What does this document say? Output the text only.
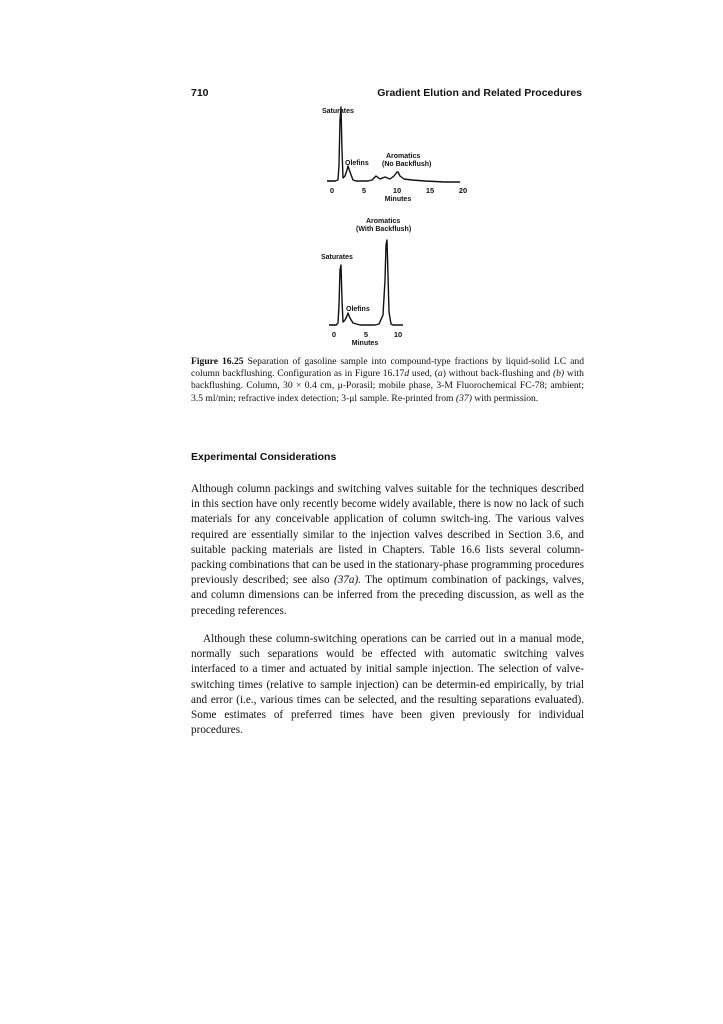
710	Gradient Elution and Related Procedures
Saturates
Olefins
Aromatics
(No Backflush)
0	5	10	15	20
Minutes
Aromatics
(With Backflush)
Saturates
Olefins
0	5	10
Minutes
Figure 16.25 Separation of gasoline sample into compound-type fractions by liquid-solid LC and column backflushing. Configuration as in Figure 16.17d used, (a) without back-flushing and (b) with backflushing. Column, 30 × 0.4 cm, μ-Porasil; mobile phase, 3-M Fluorochemical FC-78; ambient; 3.5 ml/min; refractive index detection; 3-μl sample. Re-printed from (37) with permission.
Experimental Considerations

Although column packings and switching valves suitable for the techniques described in this section have only recently become widely available, there is now no lack of such materials for any conceivable application of column switch-ing. The various valves required are essentially similar to the injection valves described in Section 3.6, and suitable packing materials are listed in Chapters. Table 16.6 lists several column-packing combinations that can be used in the stationary-phase programming procedures previously described; see also (37a). The optimum combination of packings, valves, and column dimensions can be inferred from the preceding discussion, as well as the preceding references.

Although these column-switching operations can be carried out in a manual mode, normally such separations would be effected with automatic switching valves interfaced to a timer and actuated by initial sample injection. The selection of valve-switching times (relative to sample injection) can be determin-ed empirically, by trial and error (i.e., various times can be selected, and the resulting separations evaluated). Some estimates of preferred times have been given previously for individual procedures.
